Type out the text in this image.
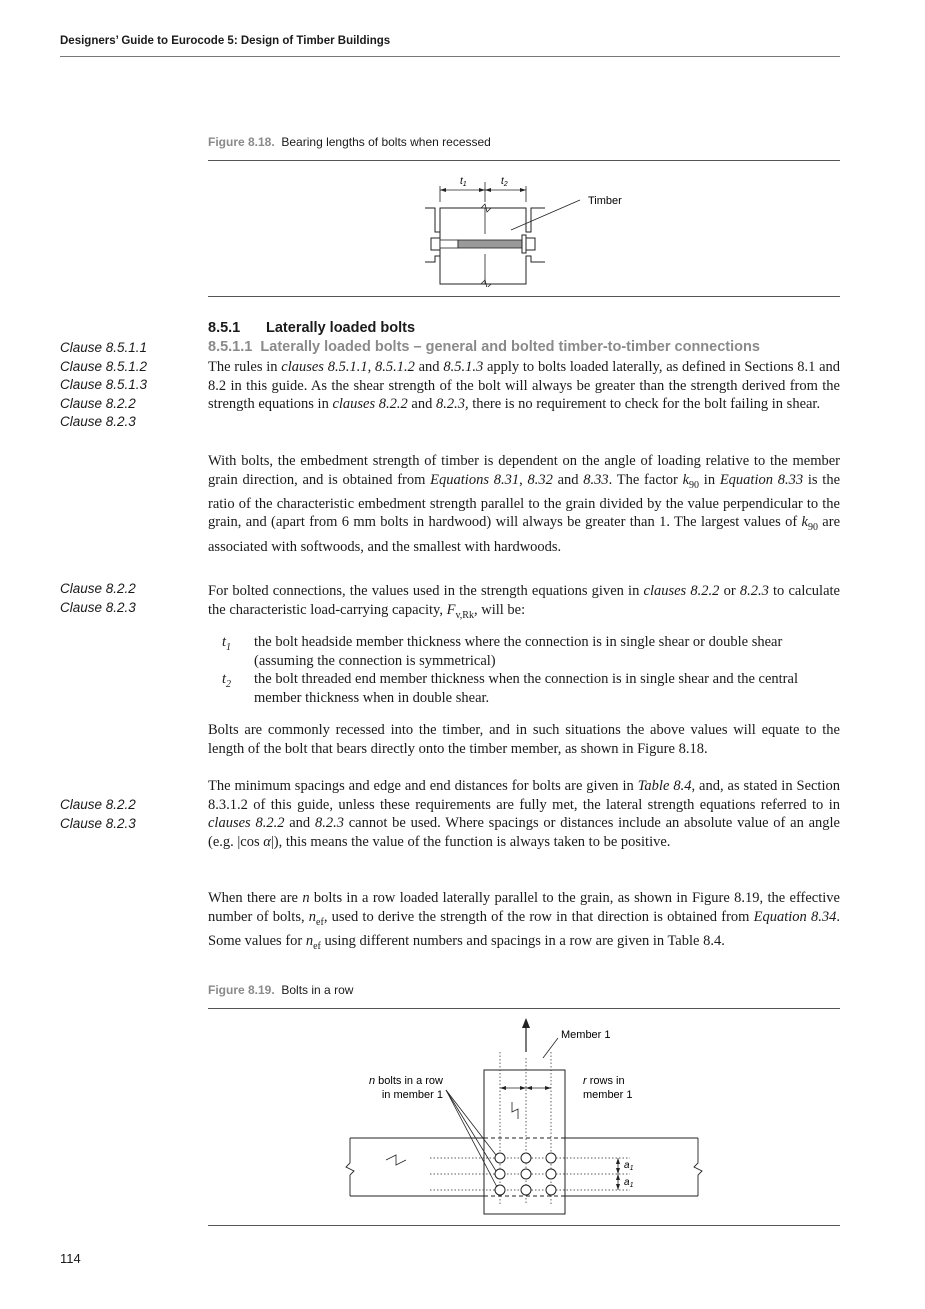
Designers’ Guide to Eurocode 5: Design of Timber Buildings
Figure 8.18. Bearing lengths of bolts when recessed
$t_1$	$t_2$
Timber
8.5.1 Laterally loaded bolts
8.5.1.1 Laterally loaded bolts – general and bolted timber-to-timber connections
Clause 8.5.1.1
Clause 8.5.1.2
Clause 8.5.1.3
Clause 8.2.2
Clause 8.2.3
The rules in clauses 8.5.1.1, 8.5.1.2 and 8.5.1.3 apply to bolts loaded laterally, as defined in Sections 8.1 and 8.2 in this guide. As the shear strength of the bolt will always be greater than the strength derived from the strength equations in clauses 8.2.2 and 8.2.3, there is no requirement to check for the bolt failing in shear.
With bolts, the embedment strength of timber is dependent on the angle of loading relative to the member grain direction, and is obtained from Equations 8.31, 8.32 and 8.33. The factor $k_{90}$ in Equation 8.33 is the ratio of the characteristic embedment strength parallel to the grain divided by the value perpendicular to the grain, and (apart from 6 mm bolts in hardwood) will always be greater than 1. The largest values of $k_{90}$ are associated with softwoods, and the smallest with hardwoods.
Clause 8.2.2
Clause 8.2.3
For bolted connections, the values used in the strength equations given in clauses 8.2.2 or 8.2.3 to calculate the characteristic load-carrying capacity, $F_{v,Rk}$, will be:
$t_1$	the bolt headside member thickness where the connection is in single shear or double shear (assuming the connection is symmetrical)
$t_2$	the bolt threaded end member thickness when the connection is in single shear and the central member thickness when in double shear.
Bolts are commonly recessed into the timber, and in such situations the above values will equate to the length of the bolt that bears directly onto the timber member, as shown in Figure 8.18.
Clause 8.2.2
Clause 8.2.3
The minimum spacings and edge and end distances for bolts are given in Table 8.4, and, as stated in Section 8.3.1.2 of this guide, unless these requirements are fully met, the lateral strength equations referred to in clauses 8.2.2 and 8.2.3 cannot be used. Where spacings or distances include an absolute value of an angle (e.g. |cos α|), this means the value of the function is always taken to be positive.
When there are n bolts in a row loaded laterally parallel to the grain, as shown in Figure 8.19, the effective number of bolts, $n_{ef}$, used to derive the strength of the row in that direction is obtained from Equation 8.34. Some values for $n_{ef}$ using different numbers and spacings in a row are given in Table 8.4.
Figure 8.19. Bolts in a row
Member 1
n bolts in a row
in member 1
r rows in
member 1
$a_1$
$a_1$
114
